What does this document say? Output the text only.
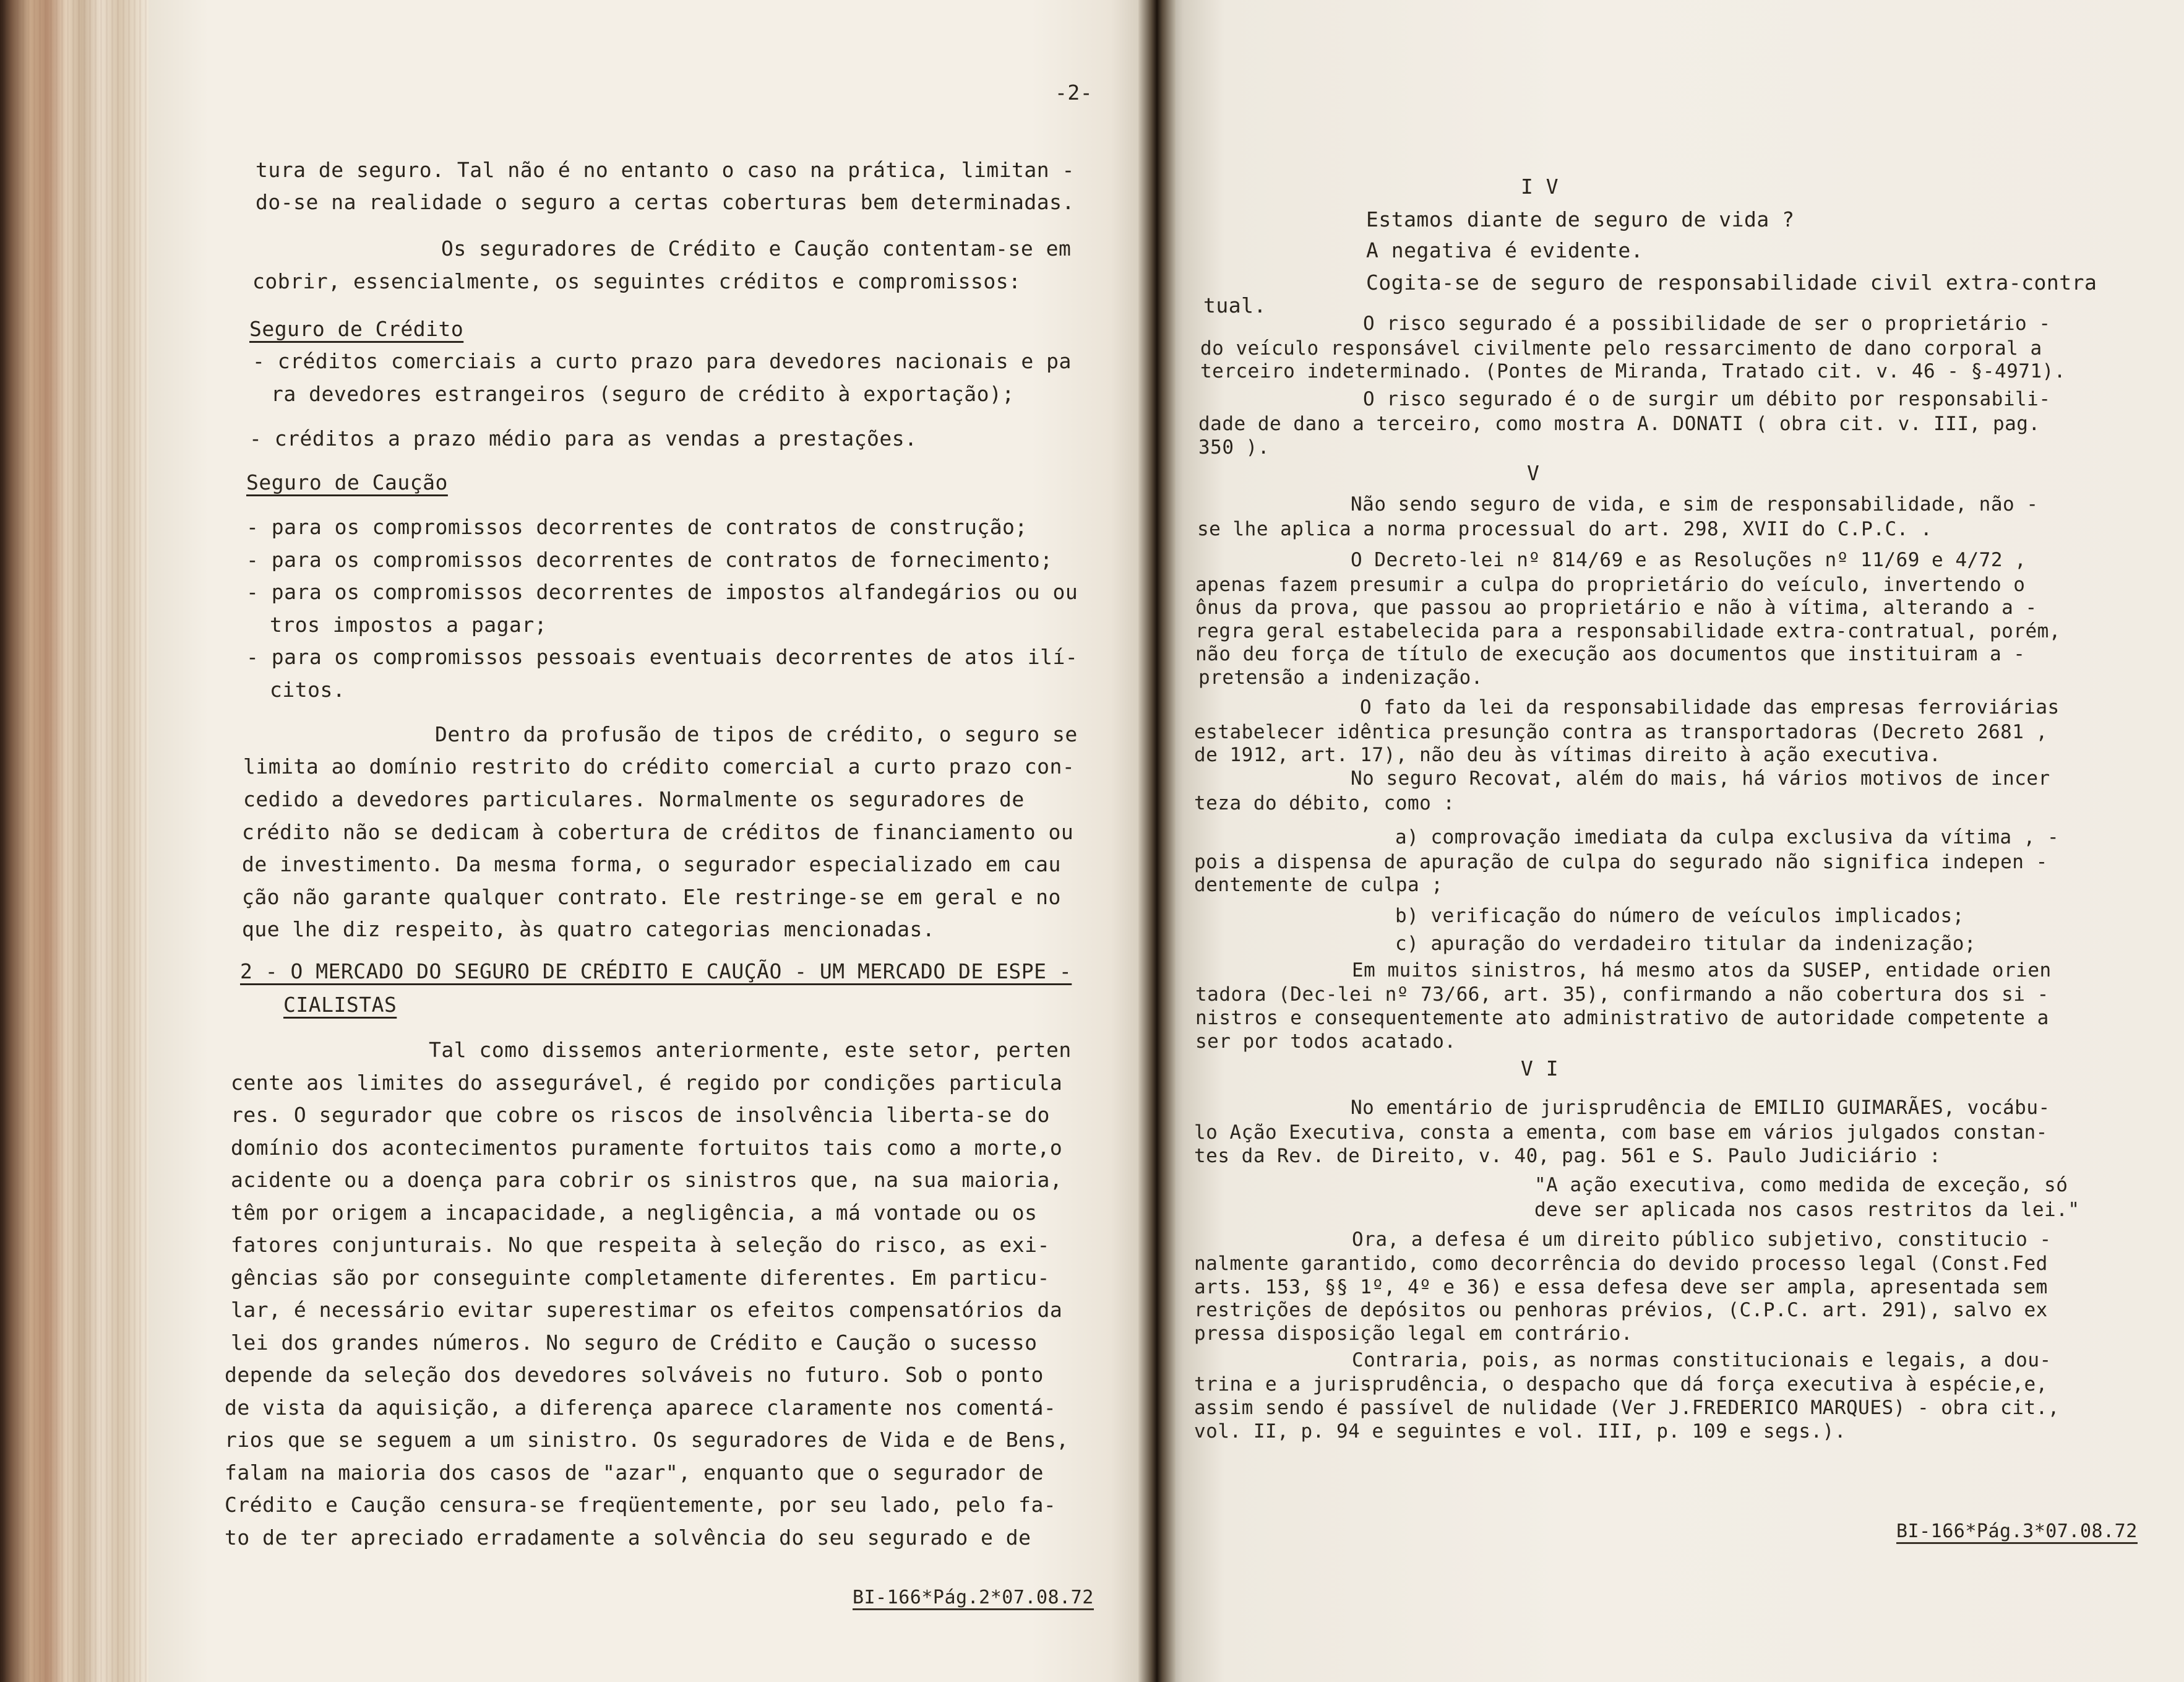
-2-
tura de seguro. Tal não é no entanto o caso na prática, limitan -
do-se na realidade o seguro a certas coberturas bem determinadas.
Os seguradores de Crédito e Caução contentam-se em
cobrir, essencialmente, os seguintes créditos e compromissos:
Seguro de Crédito
- créditos comerciais a curto prazo para devedores nacionais e pa
ra devedores estrangeiros (seguro de crédito à exportação);
- créditos a prazo médio para as vendas a prestações.
Seguro de Caução
- para os compromissos decorrentes de contratos de construção;
- para os compromissos decorrentes de contratos de fornecimento;
- para os compromissos decorrentes de impostos alfandegários ou ou
tros impostos a pagar;
- para os compromissos pessoais eventuais decorrentes de atos ilí-
citos.
Dentro da profusão de tipos de crédito, o seguro se
limita ao domínio restrito do crédito comercial a curto prazo con-
cedido a devedores particulares. Normalmente os seguradores de
crédito não se dedicam à cobertura de créditos de financiamento ou
de investimento. Da mesma forma, o segurador especializado em cau
ção não garante qualquer contrato. Ele restringe-se em geral e no
que lhe diz respeito, às quatro categorias mencionadas.
2 - O MERCADO DO SEGURO DE CRÉDITO E CAUÇÃO - UM MERCADO DE ESPE -
CIALISTAS
Tal como dissemos anteriormente, este setor, perten
cente aos limites do assegurável, é regido por condições particula
res. O segurador que cobre os riscos de insolvência liberta-se do
domínio dos acontecimentos puramente fortuitos tais como a morte,o
acidente ou a doença para cobrir os sinistros que, na sua maioria,
têm por origem a incapacidade, a negligência, a má vontade ou os
fatores conjunturais. No que respeita à seleção do risco, as exi-
gências são por conseguinte completamente diferentes. Em particu-
lar, é necessário evitar superestimar os efeitos compensatórios da
lei dos grandes números. No seguro de Crédito e Caução o sucesso
depende da seleção dos devedores solváveis no futuro. Sob o ponto
de vista da aquisição, a diferença aparece claramente nos comentá-
rios que se seguem a um sinistro. Os seguradores de Vida e de Bens,
falam na maioria dos casos de "azar", enquanto que o segurador de
Crédito e Caução censura-se freqüentemente, por seu lado, pelo fa-
to de ter apreciado erradamente a solvência do seu segurado e de
BI-166*Pág.2*07.08.72
I V
Estamos diante de seguro de vida ?
A negativa é evidente.
Cogita-se de seguro de responsabilidade civil extra-contra
tual.
O risco segurado é a possibilidade de ser o proprietário -
do veículo responsável civilmente pelo ressarcimento de dano corporal a
terceiro indeterminado. (Pontes de Miranda, Tratado cit. v. 46 - §-4971).
O risco segurado é o de surgir um débito por responsabili-
dade de dano a terceiro, como mostra A. DONATI ( obra cit. v. III, pag.
350 ).
V
Não sendo seguro de vida, e sim de responsabilidade, não -
se lhe aplica a norma processual do art. 298, XVII do C.P.C. .
O Decreto-lei nº 814/69 e as Resoluções nº 11/69 e 4/72 ,
apenas fazem presumir a culpa do proprietário do veículo, invertendo o
ônus da prova, que passou ao proprietário e não à vítima, alterando a -
regra geral estabelecida para a responsabilidade extra-contratual, porém,
não deu força de título de execução aos documentos que instituiram a -
pretensão a indenização.
O fato da lei da responsabilidade das empresas ferroviárias
estabelecer idêntica presunção contra as transportadoras (Decreto 2681 ,
de 1912, art. 17), não deu às vítimas direito à ação executiva.
No seguro Recovat, além do mais, há vários motivos de incer
teza do débito, como :
a) comprovação imediata da culpa exclusiva da vítima , -
pois a dispensa de apuração de culpa do segurado não significa indepen -
dentemente de culpa ;
b) verificação do número de veículos implicados;
c) apuração do verdadeiro titular da indenização;
Em muitos sinistros, há mesmo atos da SUSEP, entidade orien
tadora (Dec-lei nº 73/66, art. 35), confirmando a não cobertura dos si -
nistros e consequentemente ato administrativo de autoridade competente a
ser por todos acatado.
V I
No ementário de jurisprudência de EMILIO GUIMARÃES, vocábu-
lo Ação Executiva, consta a ementa, com base em vários julgados constan-
tes da Rev. de Direito, v. 40, pag. 561 e S. Paulo Judiciário :
"A ação executiva, como medida de exceção, só
deve ser aplicada nos casos restritos da lei."
Ora, a defesa é um direito público subjetivo, constitucio -
nalmente garantido, como decorrência do devido processo legal (Const.Fed
arts. 153, §§ 1º, 4º e 36) e essa defesa deve ser ampla, apresentada sem
restrições de depósitos ou penhoras prévios, (C.P.C. art. 291), salvo ex
pressa disposição legal em contrário.
Contraria, pois, as normas constitucionais e legais, a dou-
trina e a jurisprudência, o despacho que dá força executiva à espécie,e,
assim sendo é passível de nulidade (Ver J.FREDERICO MARQUES) - obra cit.,
vol. II, p. 94 e seguintes e vol. III, p. 109 e segs.).
BI-166*Pág.3*07.08.72
